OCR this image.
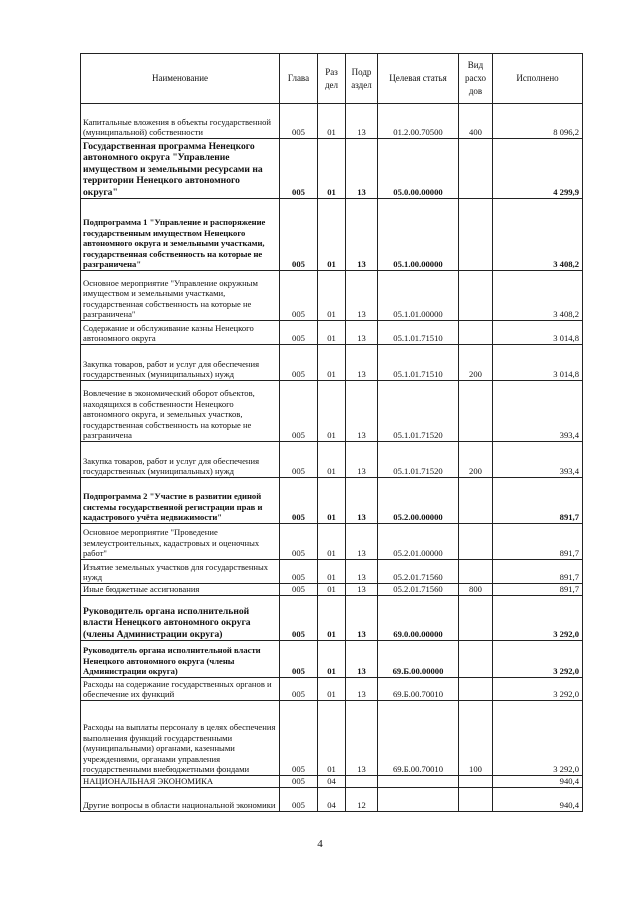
Наименование	Глава	Раз дел	Подр аздел	Целевая статья	Вид расхо дов	Исполнено
Капитальные вложения в объекты государственной (муниципальной) собственности	005	01	13	01.2.00.70500	400	8 096,2
Государственная программа Ненецкого автономного округа "Управление имуществом и земельными ресурсами на территории Ненецкого автономного округа"	005	01	13	05.0.00.00000		4 299,9
Подпрограмма 1 "Управление и распоряжение государственным имуществом Ненецкого автономного округа и земельными участками, государственная собственность на которые не разграничена"	005	01	13	05.1.00.00000		3 408,2
Основное мероприятие "Управление окружным имуществом и земельными участками, государственная собственность на которые не разграничена"	005	01	13	05.1.01.00000		3 408,2
Содержание и обслуживание казны Ненецкого автономного округа	005	01	13	05.1.01.71510		3 014,8
Закупка товаров, работ и услуг для обеспечения государственных (муниципальных) нужд	005	01	13	05.1.01.71510	200	3 014,8
Вовлечение в экономический оборот объектов, находящихся в собственности Ненецкого автономного округа, и земельных участков, государственная собственность на которые не разграничена	005	01	13	05.1.01.71520		393,4
Закупка товаров, работ и услуг для обеспечения государственных (муниципальных) нужд	005	01	13	05.1.01.71520	200	393,4
Подпрограмма 2 "Участие в развитии единой системы государственной регистрации прав и кадастрового учёта недвижимости"	005	01	13	05.2.00.00000		891,7
Основное мероприятие "Проведение землеустроительных, кадастровых и оценочных работ"	005	01	13	05.2.01.00000		891,7
Изъятие земельных участков для государственных нужд	005	01	13	05.2.01.71560		891,7
Иные бюджетные ассигнования	005	01	13	05.2.01.71560	800	891,7
Руководитель органа исполнительной власти Ненецкого автономного округа (члены Администрации округа)	005	01	13	69.0.00.00000		3 292,0
Руководитель органа исполнительной власти Ненецкого автономного округа (члены Администрации округа)	005	01	13	69.Б.00.00000		3 292,0
Расходы на содержание государственных органов и обеспечение их функций	005	01	13	69.Б.00.70010		3 292,0
Расходы на выплаты персоналу в целях обеспечения выполнения функций государственными (муниципальными) органами, казенными учреждениями, органами управления государственными внебюджетными фондами	005	01	13	69.Б.00.70010	100	3 292,0
НАЦИОНАЛЬНАЯ ЭКОНОМИКА	005	04				940,4
Другие вопросы в области национальной экономики	005	04	12			940,4
4
